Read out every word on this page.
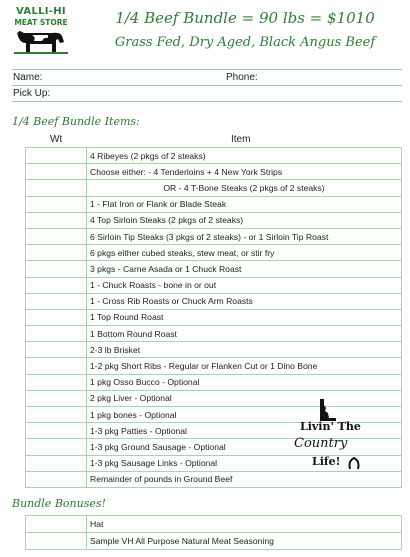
VALLI-HI
MEAT STORE	1/4 Beef Bundle = 90 lbs = $1010
Grass Fed, Dry Aged, Black Angus Beef
Name:	Phone:
Pick Up:
1/4 Beef Bundle Items:
Wt	Item
	4 Ribeyes (2 pkgs of 2 steaks)
	Choose either: - 4 Tenderloins + 4 New York Strips
	OR - 4 T-Bone Steaks (2 pkgs of 2 steaks)
	1 - Flat Iron or Flank or Blade Steak
	4 Top Sirloin Steaks (2 pkgs of 2 steaks)
	6 Sirloin Tip Steaks (3 pkgs of 2 steaks) - or 1 Sirloin Tip Roast
	6 pkgs either cubed steaks, stew meat, or stir fry
	3 pkgs - Carne Asada or 1 Chuck Roast
	1 - Chuck Roasts - bone in or out
	1 - Cross Rib Roasts or Chuck Arm Roasts
	1 Top Round Roast
	1 Bottom Round Roast
	2-3 lb Brisket
	1-2 pkg Short Ribs - Regular or Flanken Cut or 1 Dino Bone
	1 pkg Osso Bucco - Optional
	2 pkg Liver - Optional
	1 pkg bones - Optional
	1-3 pkg Patties - Optional
	1-3 pkg Ground Sausage - Optional
	1-3 pkg Sausage Links - Optional
	Remainder of pounds in Ground Beef
Livin' The
Country
Life!
Bundle Bonuses!
	Hat
	Sample VH All Purpose Natural Meat Seasoning
